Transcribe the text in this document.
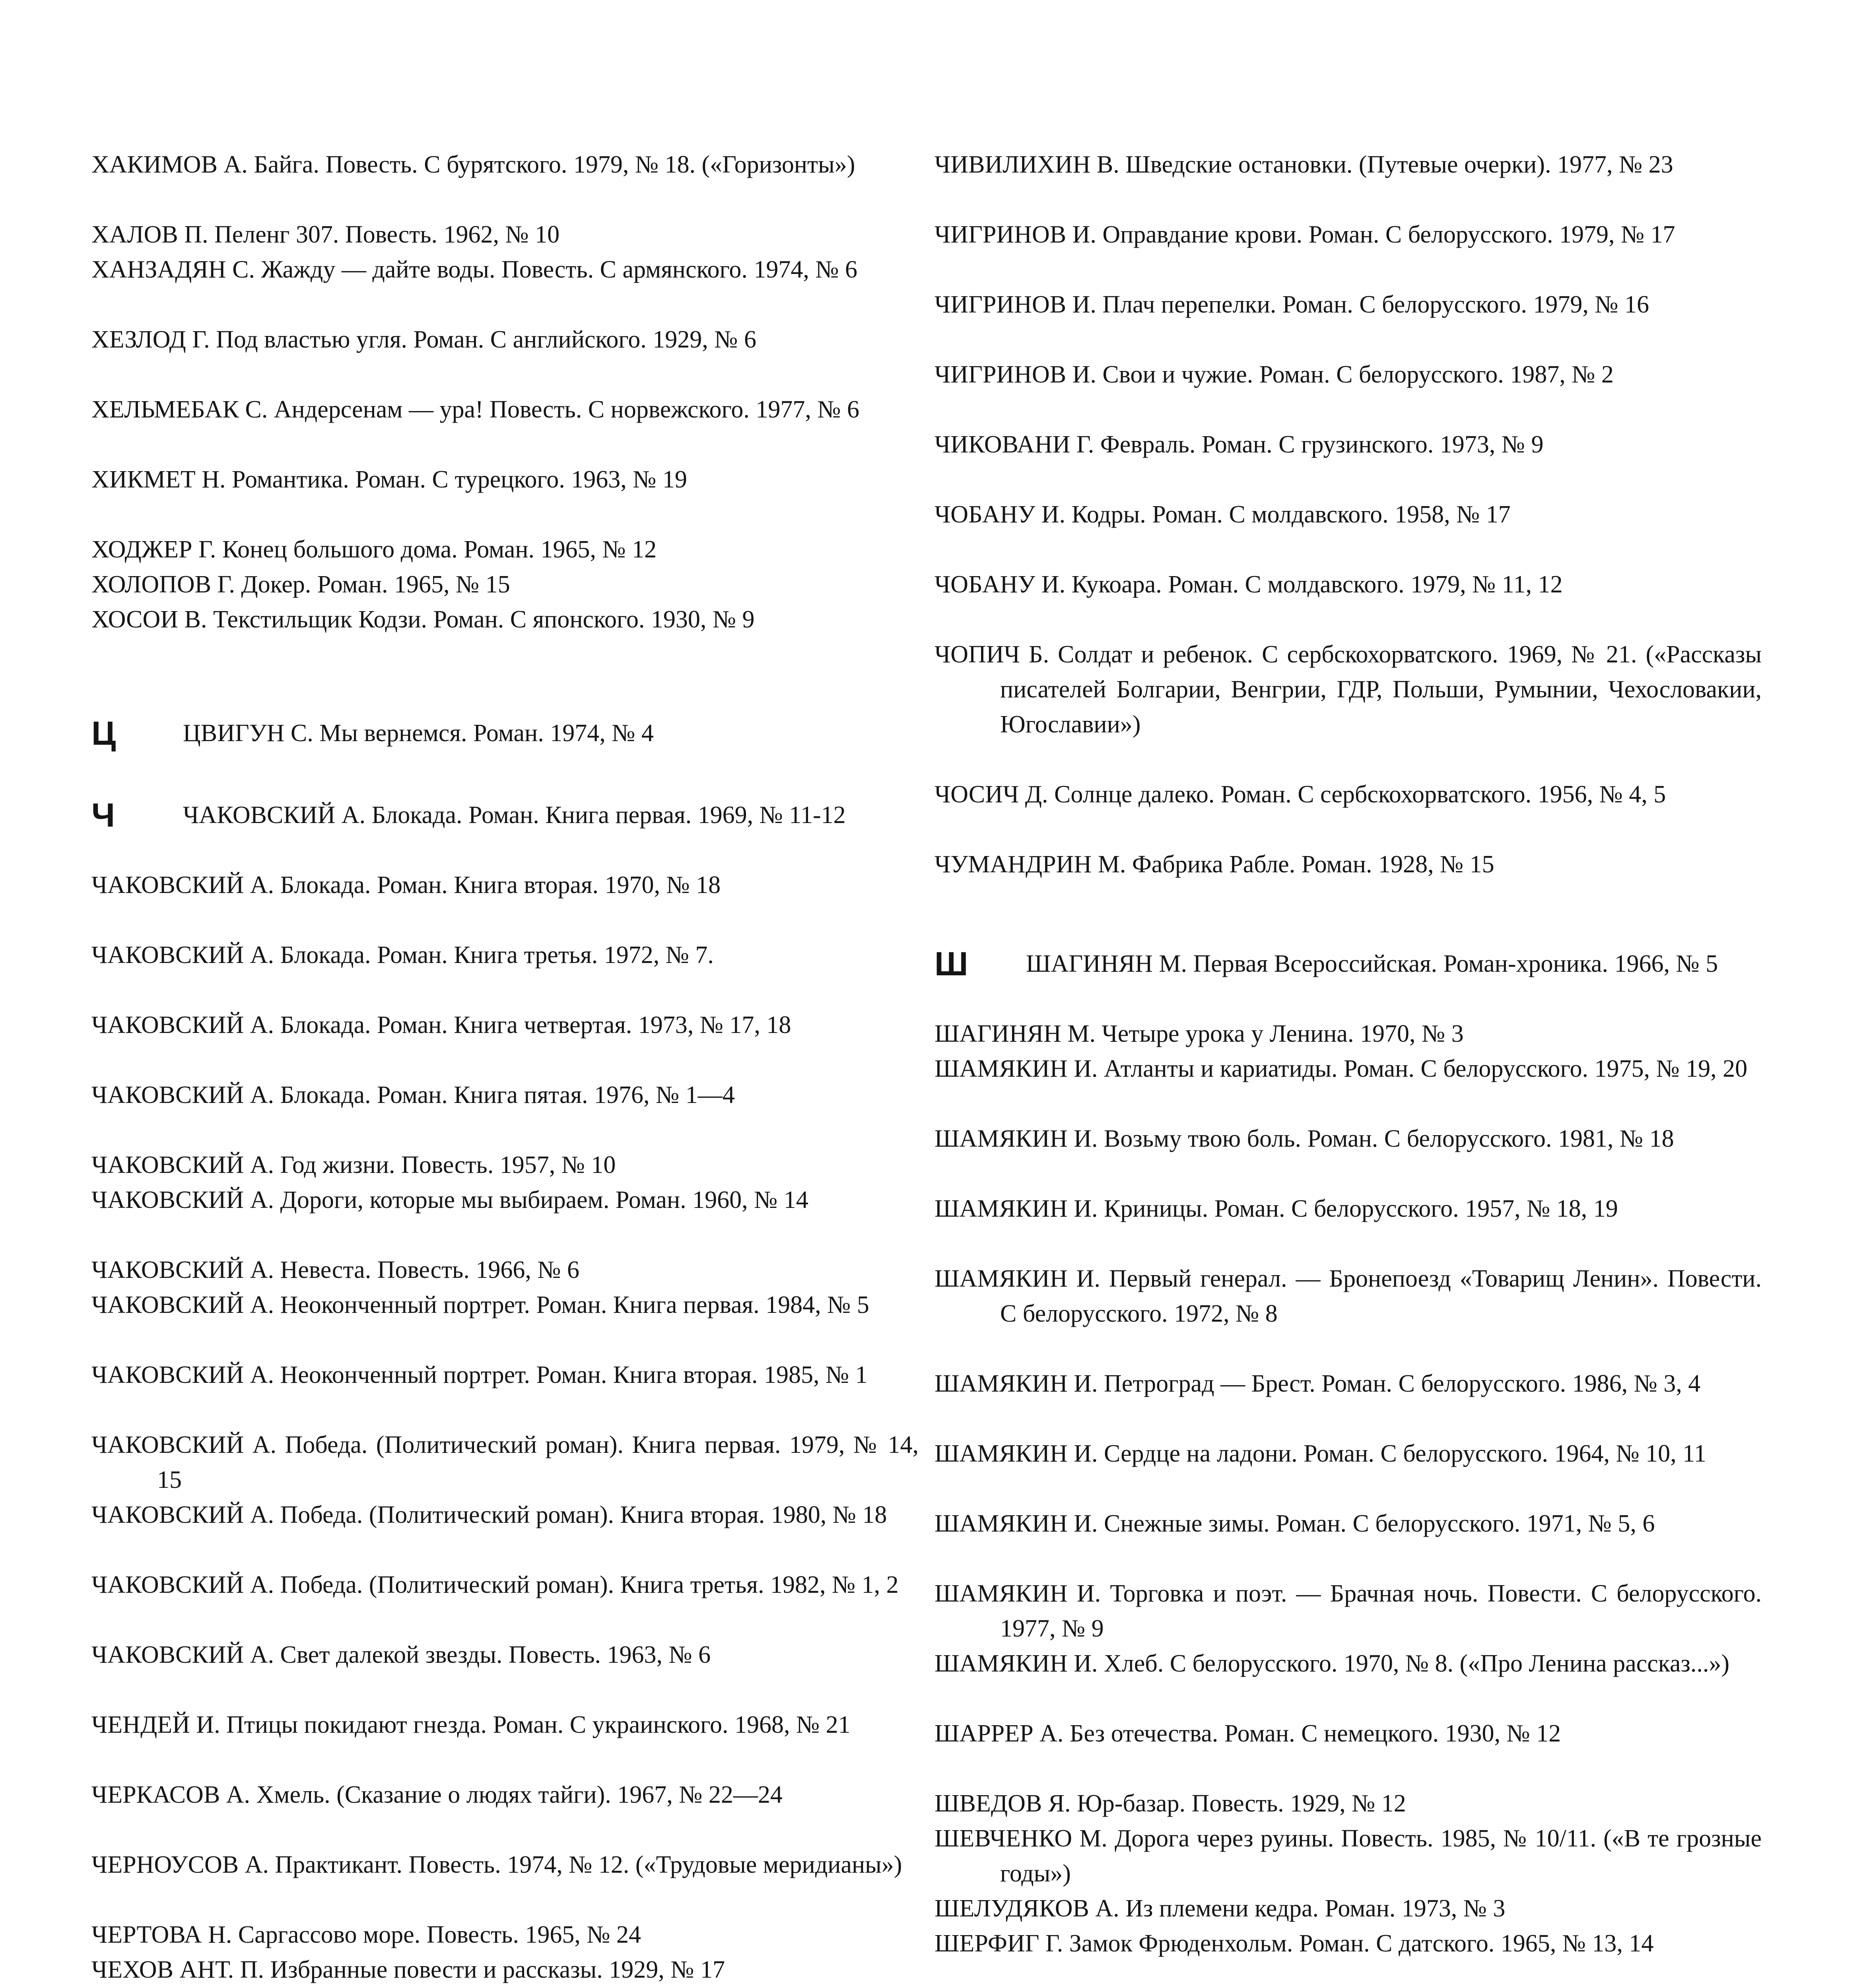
ХАКИМОВ А. Байга. Повесть. С бурятского. 1979, № 18. («Горизонты»)

ХАЛОВ П. Пеленг 307. Повесть. 1962, № 10

ХАНЗАДЯН С. Жажду — дайте воды. Повесть. С армянского. 1974, № 6

ХЕЗЛОД Г. Под властью угля. Роман. С английского. 1929, № 6

ХЕЛЬМЕБАК С. Андерсенам — ура! Повесть. С норвежского. 1977, № 6

ХИКМЕТ Н. Романтика. Роман. С турецкого. 1963, № 19

ХОДЖЕР Г. Конец большого дома. Роман. 1965, № 12

ХОЛОПОВ Г. Докер. Роман. 1965, № 15

ХОСОИ В. Текстильщик Кодзи. Роман. С японского. 1930, № 9

Ц	ЦВИГУН С. Мы вернемся. Роман. 1974, № 4

Ч	ЧАКОВСКИЙ А. Блокада. Роман. Книга первая. 1969, № 11-12

ЧАКОВСКИЙ А. Блокада. Роман. Книга вторая. 1970, № 18

ЧАКОВСКИЙ А. Блокада. Роман. Книга третья. 1972, № 7.

ЧАКОВСКИЙ А. Блокада. Роман. Книга четвертая. 1973, № 17, 18

ЧАКОВСКИЙ А. Блокада. Роман. Книга пятая. 1976, № 1—4

ЧАКОВСКИЙ А. Год жизни. Повесть. 1957, № 10

ЧАКОВСКИЙ А. Дороги, которые мы выбираем. Роман. 1960, № 14

ЧАКОВСКИЙ А. Невеста. Повесть. 1966, № 6

ЧАКОВСКИЙ А. Неоконченный портрет. Роман. Книга первая. 1984, № 5

ЧАКОВСКИЙ А. Неоконченный портрет. Роман. Книга вторая. 1985, № 1

ЧАКОВСКИЙ А. Победа. (Политический роман). Книга первая. 1979, № 14, 15

ЧАКОВСКИЙ А. Победа. (Политический роман). Книга вторая. 1980, № 18

ЧАКОВСКИЙ А. Победа. (Политический роман). Книга третья. 1982, № 1, 2

ЧАКОВСКИЙ А. Свет далекой звезды. Повесть. 1963, № 6

ЧЕНДЕЙ И. Птицы покидают гнезда. Роман. С украинского. 1968, № 21

ЧЕРКАСОВ А. Хмель. (Сказание о людях тайги). 1967, № 22—24

ЧЕРНОУСОВ А. Практикант. Повесть. 1974, № 12. («Трудовые меридианы»)

ЧЕРТОВА Н. Саргассово море. Повесть. 1965, № 24

ЧЕХОВ АНТ. П. Избранные повести и рассказы. 1929, № 17

ЧИВИЛИХИН В. Шведские остановки. (Путевые очерки). 1977, № 23

ЧИГРИНОВ И. Оправдание крови. Роман. С белорусского. 1979, № 17

ЧИГРИНОВ И. Плач перепелки. Роман. С белорусского. 1979, № 16

ЧИГРИНОВ И. Свои и чужие. Роман. С белорусского. 1987, № 2

ЧИКОВАНИ Г. Февраль. Роман. С грузинского. 1973, № 9

ЧОБАНУ И. Кодры. Роман. С молдавского. 1958, № 17

ЧОБАНУ И. Кукоара. Роман. С молдавского. 1979, № 11, 12

ЧОПИЧ Б. Солдат и ребенок. С сербскохорватского. 1969, № 21. («Рассказы писателей Болгарии, Венгрии, ГДР, Польши, Румынии, Чехословакии, Югославии»)

ЧОСИЧ Д. Солнце далеко. Роман. С сербскохорватского. 1956, № 4, 5

ЧУМАНДРИН М. Фабрика Рабле. Роман. 1928, № 15

Ш ШАГИНЯН М. Первая Всероссийская. Роман-хроника. 1966, № 5

ШАГИНЯН М. Четыре урока у Ленина. 1970, № 3

ШАМЯКИН И. Атланты и кариатиды. Роман. С белорусского. 1975, № 19, 20

ШАМЯКИН И. Возьму твою боль. Роман. С белорусского. 1981, № 18

ШАМЯКИН И. Криницы. Роман. С белорусского. 1957, № 18, 19

ШАМЯКИН И. Первый генерал. — Бронепоезд «Товарищ Ленин». Повести. С белорусского. 1972, № 8

ШАМЯКИН И. Петроград — Брест. Роман. С белорусского. 1986, № 3, 4

ШАМЯКИН И. Сердце на ладони. Роман. С белорусского. 1964, № 10, 11

ШАМЯКИН И. Снежные зимы. Роман. С белорусского. 1971, № 5, 6

ШАМЯКИН И. Торговка и поэт. — Брачная ночь. Повести. С белорусского. 1977, № 9

ШАМЯКИН И. Хлеб. С белорусского. 1970, № 8. («Про Ленина рассказ...»)

ШАРРЕР А. Без отечества. Роман. С немецкого. 1930, № 12

ШВЕДОВ Я. Юр-базар. Повесть. 1929, № 12

ШЕВЧЕНКО М. Дорога через руины. Повесть. 1985, № 10/11. («В те грозные годы»)

ШЕЛУДЯКОВ А. Из племени кедра. Роман. 1973, № 3

ШЕРФИГ Г. Замок Фрюденхольм. Роман. С датского. 1965, № 13, 14
